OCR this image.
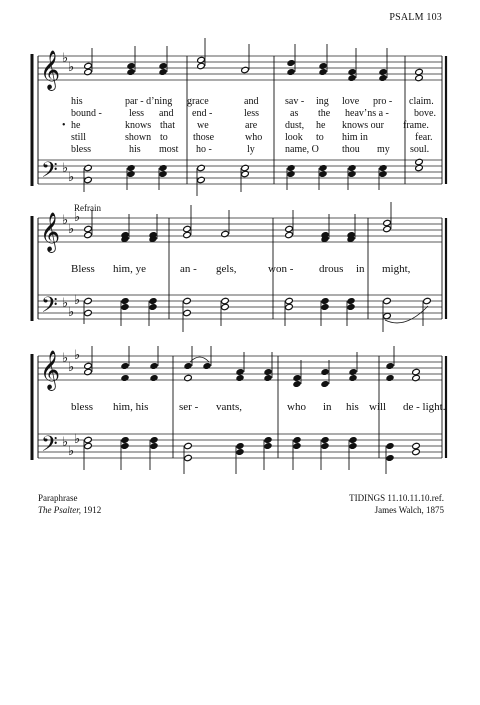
PSALM 103
𝄞
𝄢
♭
♭
♭
♭
𝄞
𝄢
♭
♭
♭
♭
♭
♭
𝄞
𝄢
♭
♭
♭
♭
♭
♭
his	par - d’ning grace	and	sav - ing love pro - claim.
bound -	less and end -	less	as the heav’ns a -	bove.
• he	knows that we	are	dust, he knows our frame.
still	shown to	those	who look to him in	fear.
bless	his most ho -	ly	name, O thou my soul.
Refrain
Bless him, ye	an - gels,	won - drous in might,
bless him, his	ser - vants,	who in his will de - light.
Paraphrase
The Psalter, 1912
TIDINGS 11.10.11.10.ref.
James Walch, 1875
